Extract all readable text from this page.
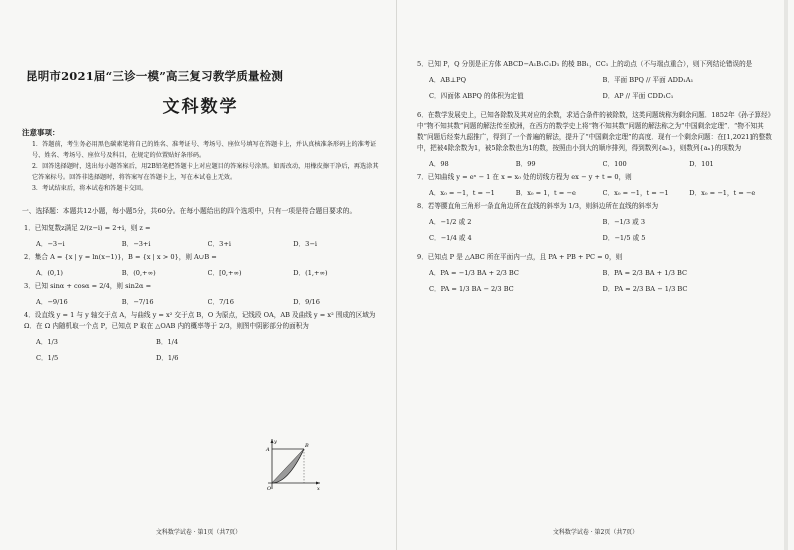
昆明市2021届“三诊一模”高三复习教学质量检测
文科数学
注意事项：
1．答题前，考生务必用黑色碳素笔将自己的姓名、准考证号、考场号、座位号填写在答题卡上，并认真核准条形码上的准考证号、姓名、考场号、座位号及科目，在规定的位置贴好条形码。
2．回答选择题时，选出每小题答案后，用2B铅笔把答题卡上对应题目的答案标号涂黑。如需改动，用橡皮擦干净后，再选涂其它答案标号。回答非选择题时，将答案写在答题卡上，写在本试卷上无效。
3．考试结束后，将本试卷和答题卡交回。
一、选择题：本题共12小题，每小题5分，共60分。在每小题给出的四个选项中，只有一项是符合题目要求的。
1．已知复数z满足 2/(z−i) = 2+i，则 z =
A．−3−i	B．−3+i	C．3+i	D．3−i
2．集合 A = {x | y = ln(x−1)}，B = {x | x > 0}，则 A∪B =
A．(0,1)	B．(0,+∞)	C．[0,+∞)	D．(1,+∞)
3．已知 sinα + cosα = 2/4，则 sin2α =
A．−9/16	B．−7/16	C．7/16	D．9/16
4．设直线 y = 1 与 y 轴交于点 A，与曲线 y = x² 交于点 B，O 为原点，记线段 OA，AB 及曲线 y = x² 围成的区域为 Ω．在 Ω 内随机取一个点 P，已知点 P 取在 △OAB 内的概率等于 2/3，则图中阴影部分的面积为
A．1/3	B．1/4
C．1/5	D．1/6
y
x
A
B
O
文科数学试卷 · 第1页（共7页）
5．已知 P，Q 分别是正方体 ABCD−A₁B₁C₁D₁ 的棱 BB₁，CC₁ 上的动点（不与端点重合），则下列结论错误的是
A．AB⊥PQ	B．平面 BPQ // 平面 ADD₁A₁
C．四面体 ABPQ 的体积为定值	D．AP // 平面 CDD₁C₁
6．在数学发展史上，已知各除数及其对应的余数，求适合条件的被除数，这类问题统称为剩余问题．1852年《孙子算经》中“物不知其数”问题的解法传至欧洲，在西方的数学史上将“物不知其数”问题的解法称之为“中国剩余定理”．“物不知其数”问题后经秦九韶推广，得到了一个普遍的解法，提升了“中国剩余定理”的高度．现有一个剩余问题：在[1,2021]的整数中，把被4除余数为1，被5除余数也为1的数，按照由小到大的顺序排列，得到数列{aₙ}，则数列{aₙ}的项数为
A．98	B．99	C．100	D．101
7．已知曲线 y = eˣ − 1 在 x = x₀ 处的切线方程为 ex − y + t = 0，则
A．x₀ = −1，t = −1	B．x₀ = 1，t = −e	C．x₀ = −1，t = −1	D．x₀ = −1，t = −e
8．若等腰直角三角形一条直角边所在直线的斜率为 1/3，则斜边所在直线的斜率为
A．−1/2 或 2	B．−1/3 或 3
C．−1/4 或 4	D．−1/5 或 5
9．已知点 P 是 △ABC 所在平面内一点，且 PA + PB + PC = 0，则
A．PA = −1/3 BA + 2/3 BC	B．PA = 2/3 BA + 1/3 BC
C．PA = 1/3 BA − 2/3 BC	D．PA = 2/3 BA − 1/3 BC
文科数学试卷 · 第2页（共7页）
